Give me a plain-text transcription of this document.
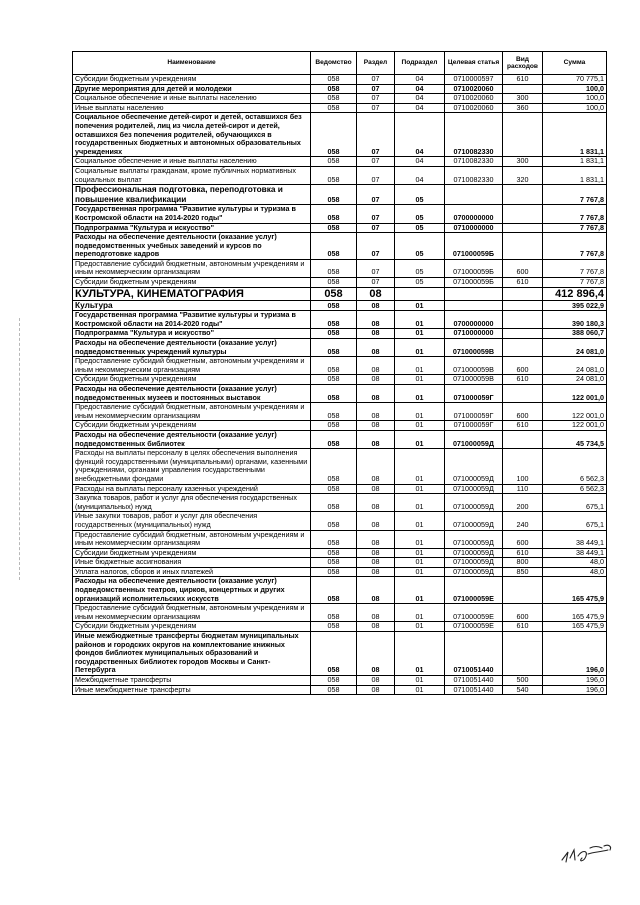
Наименование	Ведомство	Раздел	Подраздел	Целевая статья	Вид расходов	Сумма
Субсидии бюджетным учреждениям	058	07	04	0710000597	610	70 775,1
Другие мероприятия для детей и молодежи	058	07	04	0710020060		100,0
Социальное обеспечение и иные выплаты населению	058	07	04	0710020060	300	100,0
Иные выплаты населению	058	07	04	0710020060	360	100,0
Социальное обеспечение детей-сирот и детей, оставшихся без попечения родителей, лиц из числа детей-сирот и детей, оставшихся без попечения родителей, обучающихся в государственных бюджетных и автономных образовательных учреждениях	058	07	04	0710082330		1 831,1
Социальное обеспечение и иные выплаты населению	058	07	04	0710082330	300	1 831,1
Социальные выплаты гражданам, кроме публичных нормативных социальных выплат	058	07	04	0710082330	320	1 831,1
Профессиональная подготовка, переподготовка и повышение квалификации	058	07	05			7 767,8
Государственная программа "Развитие культуры и туризма в Костромской области на 2014-2020 годы"	058	07	05	0700000000		7 767,8
Подпрограмма "Культура и искусство"	058	07	05	0710000000		7 767,8
Расходы на обеспечение деятельности (оказание услуг) подведомственных учебных заведений и курсов по переподготовке кадров	058	07	05	071000059Б		7 767,8
Предоставление субсидий бюджетным, автономным учреждениям и иным некоммерческим организациям	058	07	05	071000059Б	600	7 767,8
Субсидии бюджетным учреждениям	058	07	05	071000059Б	610	7 767,8
КУЛЬТУРА, КИНЕМАТОГРАФИЯ	058	08				412 896,4
Культура	058	08	01			395 022,9
Государственная программа "Развитие культуры и туризма в Костромской области на 2014-2020 годы"	058	08	01	0700000000		390 180,3
Подпрограмма "Культура и искусство"	058	08	01	0710000000		388 060,7
Расходы на обеспечение деятельности (оказание услуг) подведомственных учреждений культуры	058	08	01	071000059В		24 081,0
Предоставление субсидий бюджетным, автономным учреждениям и иным некоммерческим организациям	058	08	01	071000059В	600	24 081,0
Субсидии бюджетным учреждениям	058	08	01	071000059В	610	24 081,0
Расходы на обеспечение деятельности (оказание услуг) подведомственных музеев и постоянных выставок	058	08	01	071000059Г		122 001,0
Предоставление субсидий бюджетным, автономным учреждениям и иным некоммерческим организациям	058	08	01	071000059Г	600	122 001,0
Субсидии бюджетным учреждениям	058	08	01	071000059Г	610	122 001,0
Расходы на обеспечение деятельности (оказание услуг) подведомственных библиотек	058	08	01	071000059Д		45 734,5
Расходы на выплаты персоналу в целях обеспечения выполнения функций государственными (муниципальными) органами, казенными учреждениями, органами управления государственными внебюджетными фондами	058	08	01	071000059Д	100	6 562,3
Расходы на выплаты персоналу казенных учреждений	058	08	01	071000059Д	110	6 562,3
Закупка товаров, работ и услуг для обеспечения государственных (муниципальных) нужд	058	08	01	071000059Д	200	675,1
Иные закупки товаров, работ и услуг для обеспечения государственных (муниципальных) нужд	058	08	01	071000059Д	240	675,1
Предоставление субсидий бюджетным, автономным учреждениям и иным некоммерческим организациям	058	08	01	071000059Д	600	38 449,1
Субсидии бюджетным учреждениям	058	08	01	071000059Д	610	38 449,1
Иные бюджетные ассигнования	058	08	01	071000059Д	800	48,0
Уплата налогов, сборов и иных платежей	058	08	01	071000059Д	850	48,0
Расходы на обеспечение деятельности (оказание услуг) подведомственных театров, цирков, концертных и других организаций исполнительских искусств	058	08	01	071000059Е		165 475,9
Предоставление субсидий бюджетным, автономным учреждениям и иным некоммерческим организациям	058	08	01	071000059Е	600	165 475,9
Субсидии бюджетным учреждениям	058	08	01	071000059Е	610	165 475,9
Иные межбюджетные трансферты бюджетам муниципальных районов и городских округов на комплектование книжных фондов библиотек муниципальных образований и государственных библиотек городов Москвы и Санкт-Петербурга	058	08	01	0710051440		196,0
Межбюджетные трансферты	058	08	01	0710051440	500	196,0
Иные межбюджетные трансферты	058	08	01	0710051440	540	196,0
